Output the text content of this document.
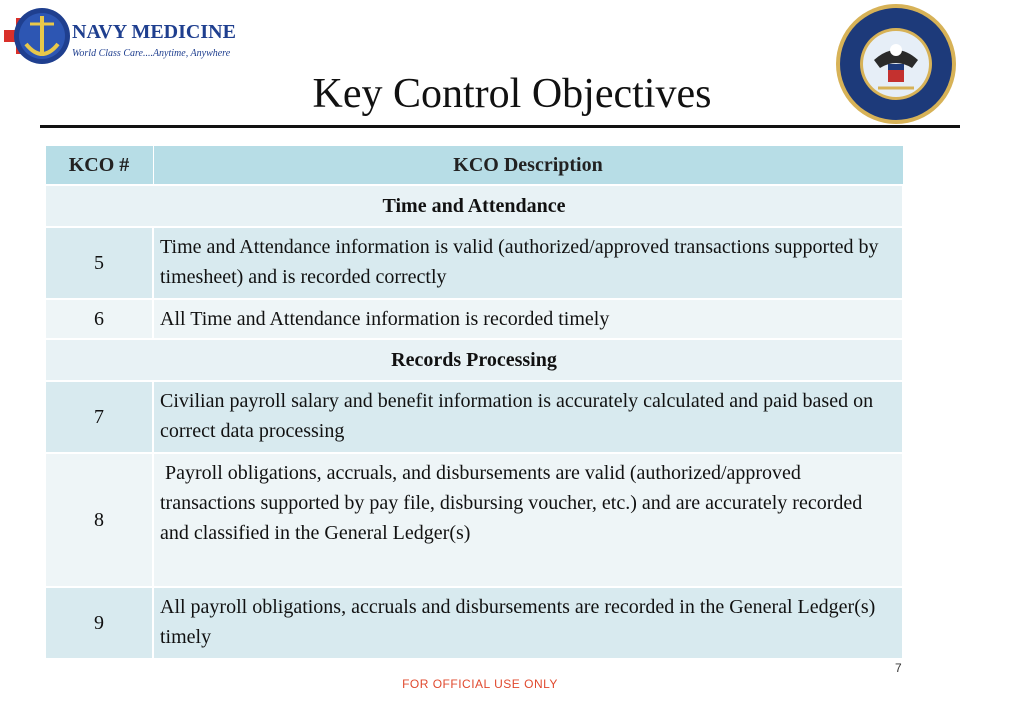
NAVY MEDICINE
World Class Care....Anytime, Anywhere
Key Control Objectives
KCO #	KCO Description
Time and Attendance	
5	Time and Attendance information is valid (authorized/approved transactions supported by timesheet) and is recorded correctly
6	All Time and Attendance information is recorded timely
Records Processing	
7	Civilian payroll salary and benefit information is accurately calculated and paid based on correct data processing
8	Payroll obligations, accruals, and disbursements are valid (authorized/approved transactions supported by pay file, disbursing voucher, etc.) and are accurately recorded and classified in the General Ledger(s)
9	All payroll obligations, accruals and disbursements are recorded in the General Ledger(s) timely
7
FOR OFFICIAL USE ONLY
